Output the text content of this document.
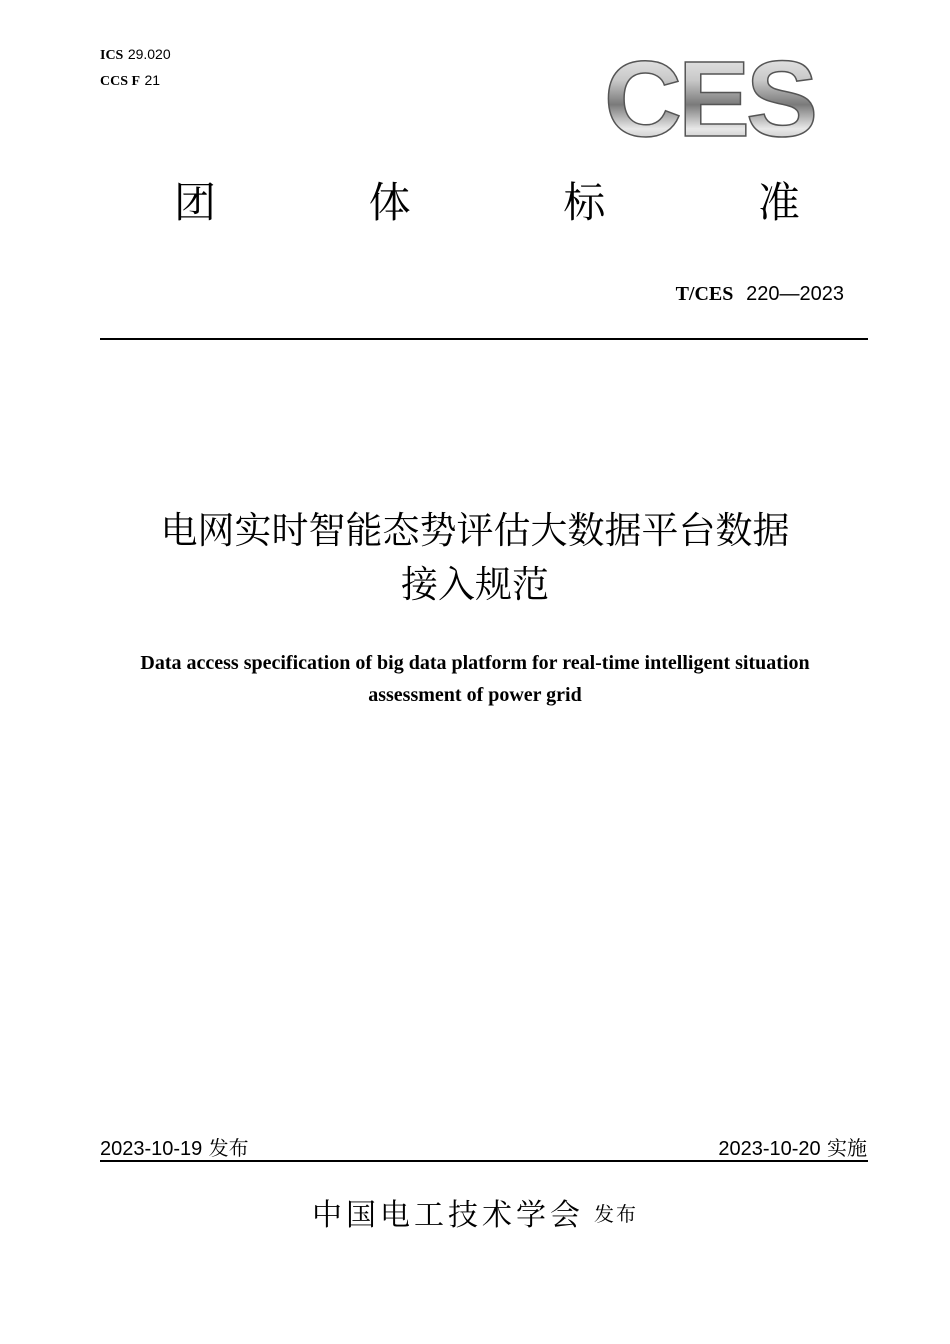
ICS 29.020
CCS F 21	CES
团	体	标	准
T/CES 220—2023
电网实时智能态势评估大数据平台数据
接入规范
Data access specification of big data platform for real-time intelligent situation
assessment of power grid
2023-10-19 发布	2023-10-20 实施
中国电工技术学会 发布
